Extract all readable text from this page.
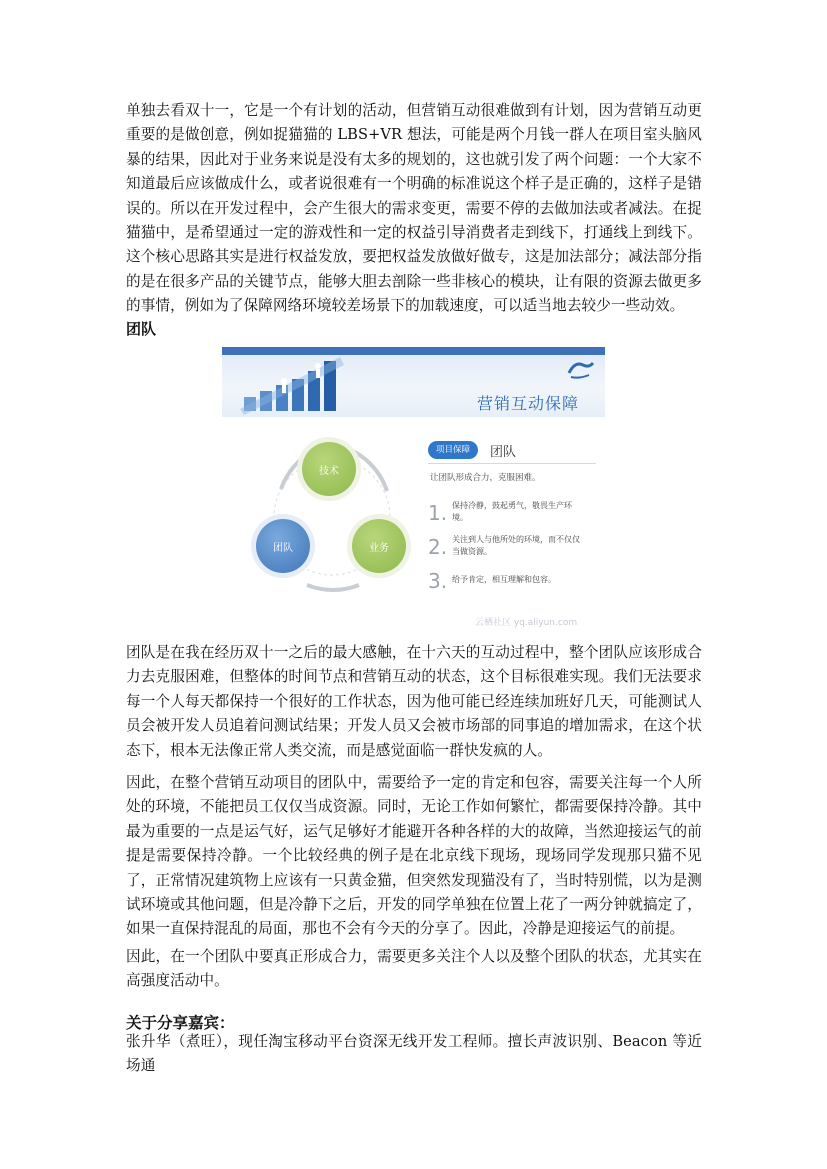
单独去看双十一，它是一个有计划的活动，但营销互动很难做到有计划，因为营销互动更重要的是做创意，例如捉猫猫的 LBS+VR 想法，可能是两个月钱一群人在项目室头脑风暴的结果，因此对于业务来说是没有太多的规划的，这也就引发了两个问题：一个大家不知道最后应该做成什么，或者说很难有一个明确的标准说这个样子是正确的，这样子是错误的。所以在开发过程中，会产生很大的需求变更，需要不停的去做加法或者减法。在捉猫猫中，是希望通过一定的游戏性和一定的权益引导消费者走到线下，打通线上到线下。这个核心思路其实是进行权益发放，要把权益发放做好做专，这是加法部分；减法部分指的是在很多产品的关键节点，能够大胆去剖除一些非核心的模块，让有限的资源去做更多的事情，例如为了保障网络环境较差场景下的加载速度，可以适当地去较少一些动效。

团队
营销互动保障
技术
团队	业务
项目保障	团队
让团队形成合力，克服困难。
1. 保持冷静，鼓起勇气，敬畏生产环境。
2. 关注到人与他所处的环境，而不仅仅当做资源。
3. 给予肯定，相互理解和包容。
云栖社区 yq.aliyun.com

团队是在我在经历双十一之后的最大感触，在十六天的互动过程中，整个团队应该形成合力去克服困难，但整体的时间节点和营销互动的状态，这个目标很难实现。我们无法要求每一个人每天都保持一个很好的工作状态，因为他可能已经连续加班好几天，可能测试人员会被开发人员追着问测试结果；开发人员又会被市场部的同事追的增加需求，在这个状态下，根本无法像正常人类交流，而是感觉面临一群快发疯的人。

因此，在整个营销互动项目的团队中，需要给予一定的肯定和包容，需要关注每一个人所处的环境，不能把员工仅仅当成资源。同时，无论工作如何繁忙，都需要保持冷静。其中最为重要的一点是运气好，运气足够好才能避开各种各样的大的故障，当然迎接运气的前提是需要保持冷静。一个比较经典的例子是在北京线下现场，现场同学发现那只猫不见了，正常情况建筑物上应该有一只黄金猫，但突然发现猫没有了，当时特别慌，以为是测试环境或其他问题，但是冷静下之后，开发的同学单独在位置上花了一两分钟就搞定了，如果一直保持混乱的局面，那也不会有今天的分享了。因此，冷静是迎接运气的前提。

因此，在一个团队中要真正形成合力，需要更多关注个人以及整个团队的状态，尤其实在高强度活动中。

关于分享嘉宾：

张升华（煮旺），现任淘宝移动平台资深无线开发工程师。擅长声波识别、Beacon 等近场通
